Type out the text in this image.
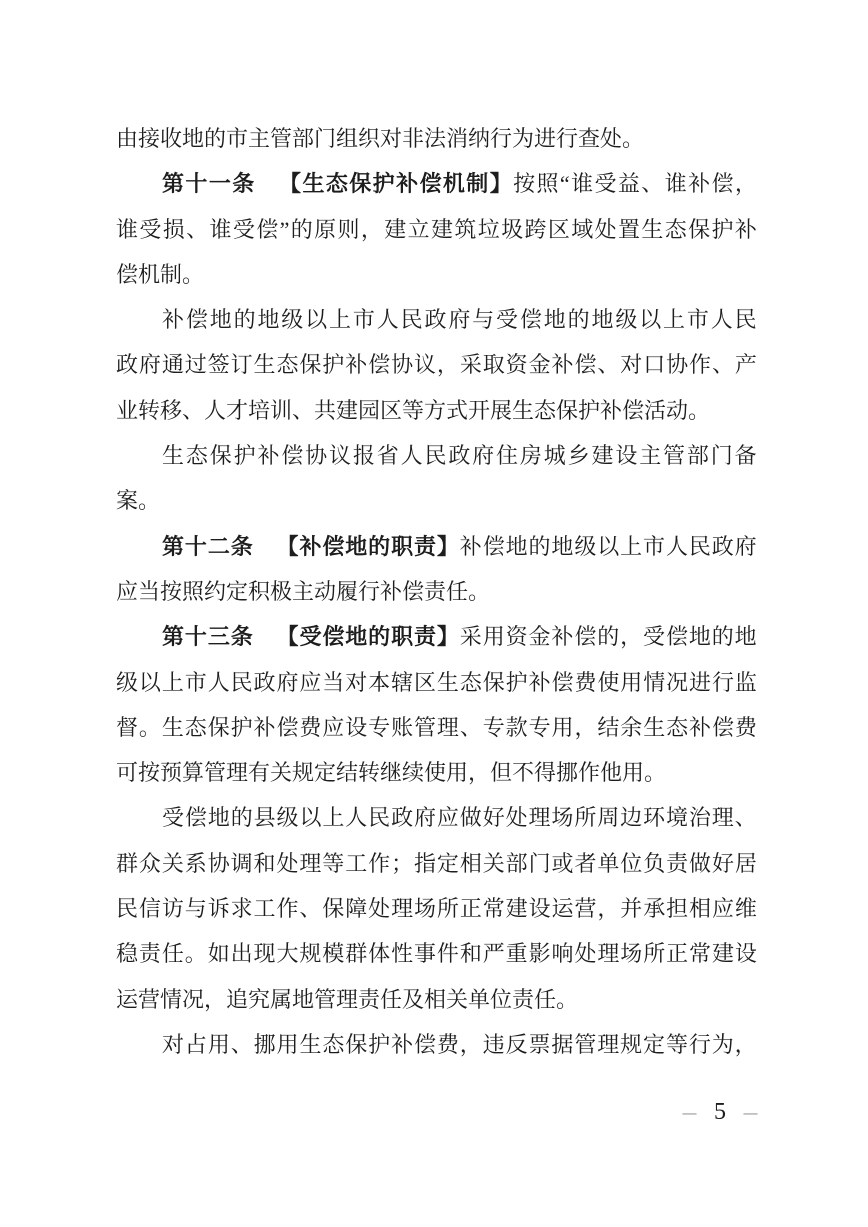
由接收地的市主管部门组织对非法消纳行为进行查处。
第 十 一 条
　 【 生 态 保 护 补 偿 机 制 】 按 照 “ 谁 受 益 、 谁 补 偿 ，
谁 受 损 、 谁 受 偿 ” 的 原 则 ， 建 立 建 筑 垃 圾 跨 区 域 处 置 生 态 保 护 补
偿机制。
补 偿 地 的 地 级 以 上 市 人 民 政 府 与 受 偿 地 的 地 级 以 上 市 人 民
政 府 通 过 签 订 生 态 保 护 补 偿 协 议 ， 采 取 资 金 补 偿 、 对 口 协 作 、 产
业转移、人才培训、共建园区等方式开展生态保护补偿活动。
生 态 保 护 补 偿 协 议 报 省 人 民 政 府 住 房 城 乡 建 设 主 管 部 门 备
案。
第 十 二 条
　 【 补 偿 地 的 职 责 】 补 偿 地 的 地 级 以 上 市 人 民 政 府
应当按照约定积极主动履行补偿责任。
第 十 三 条
　 【 受 偿 地 的 职 责 】 采 用 资 金 补 偿 的 ， 受 偿 地 的 地
级 以 上 市 人 民 政 府 应 当 对 本 辖 区 生 态 保 护 补 偿 费 使 用 情 况 进 行 监
督 。 生 态 保 护 补 偿 费 应 设 专 账 管 理 、 专 款 专 用 ， 结 余 生 态 补 偿 费
可按预算管理有关规定结转继续使用，但不得挪作他用。
受 偿 地 的 县 级 以 上 人 民 政 府 应 做 好 处 理 场 所 周 边 环 境 治 理 、
群 众 关 系 协 调 和 处 理 等 工 作 ； 指 定 相 关 部 门 或 者 单 位 负 责 做 好 居
民 信 访 与 诉 求 工 作 、 保 障 处 理 场 所 正 常 建 设 运 营 ， 并 承 担 相 应 维
稳 责 任 。 如 出 现 大 规 模 群 体 性 事 件 和 严 重 影 响 处 理 场 所 正 常 建 设
运营情况，追究属地管理责任及相关单位责任。
对 占 用 、 挪 用 生 态 保 护 补 偿 费 ， 违 反 票 据 管 理 规 定 等 行 为 ，
– 5 –
